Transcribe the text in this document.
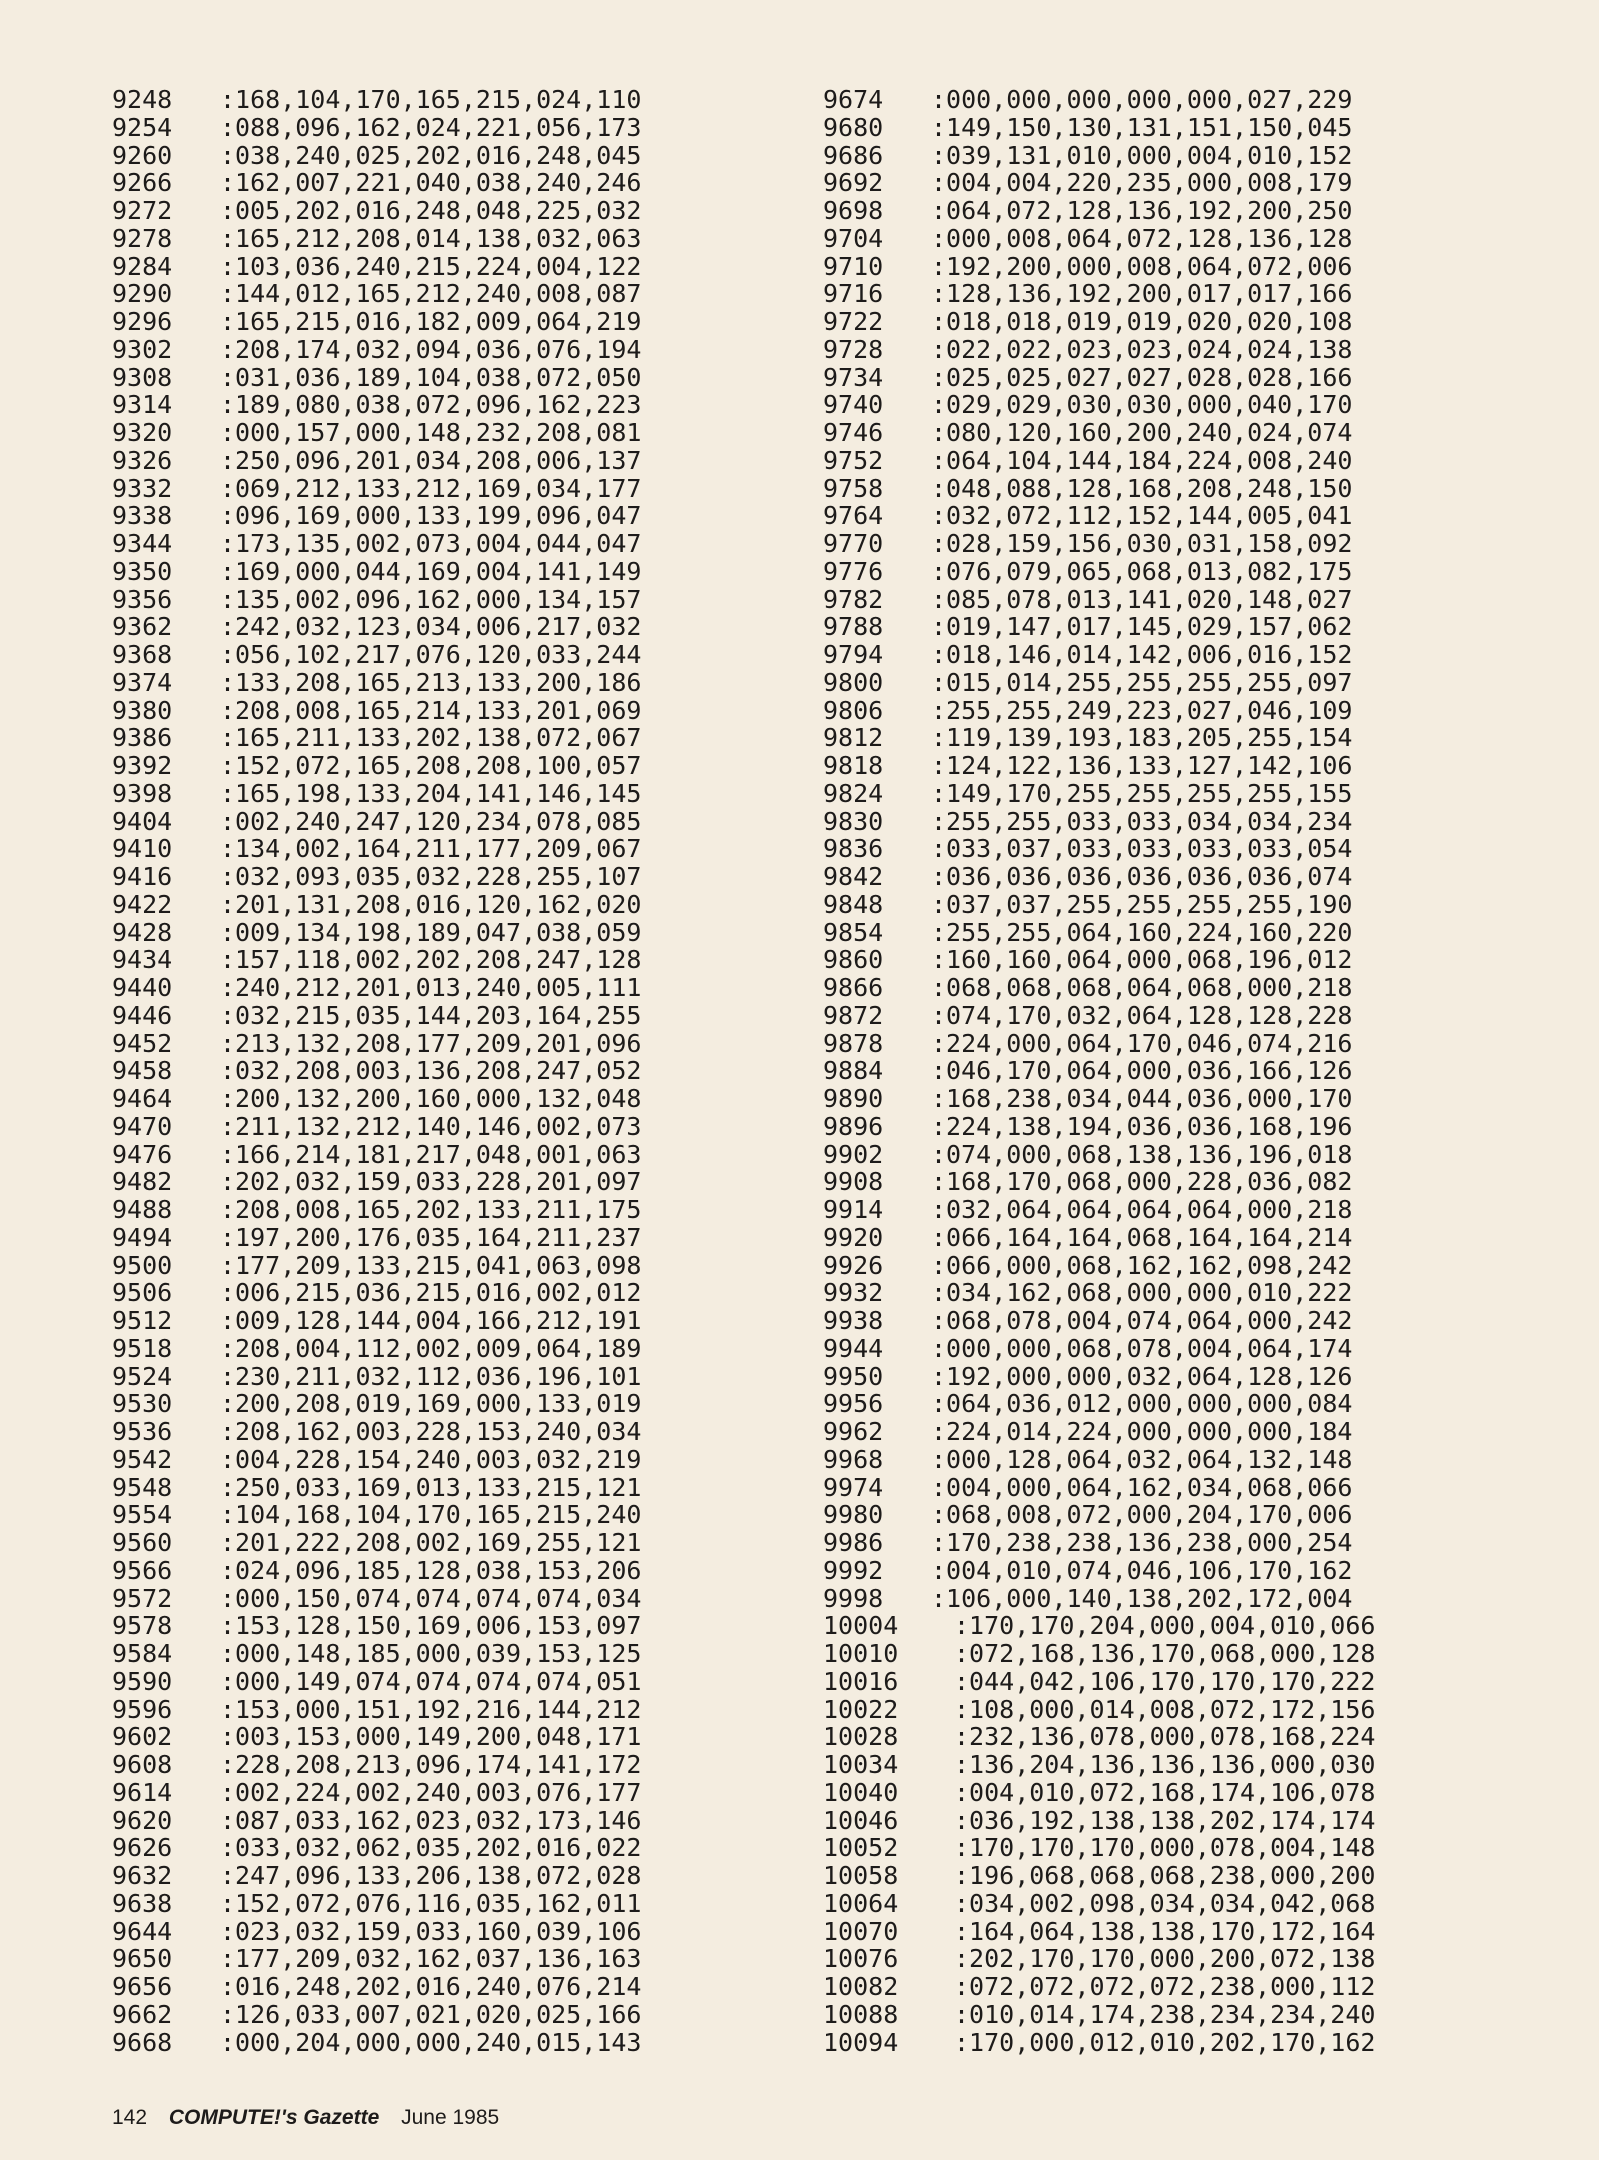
9248 :168,104,170,165,215,024,110
9254 :088,096,162,024,221,056,173
9260 :038,240,025,202,016,248,045
9266 :162,007,221,040,038,240,246
9272 :005,202,016,248,048,225,032
9278 :165,212,208,014,138,032,063
9284 :103,036,240,215,224,004,122
9290 :144,012,165,212,240,008,087
9296 :165,215,016,182,009,064,219
9302 :208,174,032,094,036,076,194
9308 :031,036,189,104,038,072,050
9314 :189,080,038,072,096,162,223
9320 :000,157,000,148,232,208,081
9326 :250,096,201,034,208,006,137
9332 :069,212,133,212,169,034,177
9338 :096,169,000,133,199,096,047
9344 :173,135,002,073,004,044,047
9350 :169,000,044,169,004,141,149
9356 :135,002,096,162,000,134,157
9362 :242,032,123,034,006,217,032
9368 :056,102,217,076,120,033,244
9374 :133,208,165,213,133,200,186
9380 :208,008,165,214,133,201,069
9386 :165,211,133,202,138,072,067
9392 :152,072,165,208,208,100,057
9398 :165,198,133,204,141,146,145
9404 :002,240,247,120,234,078,085
9410 :134,002,164,211,177,209,067
9416 :032,093,035,032,228,255,107
9422 :201,131,208,016,120,162,020
9428 :009,134,198,189,047,038,059
9434 :157,118,002,202,208,247,128
9440 :240,212,201,013,240,005,111
9446 :032,215,035,144,203,164,255
9452 :213,132,208,177,209,201,096
9458 :032,208,003,136,208,247,052
9464 :200,132,200,160,000,132,048
9470 :211,132,212,140,146,002,073
9476 :166,214,181,217,048,001,063
9482 :202,032,159,033,228,201,097
9488 :208,008,165,202,133,211,175
9494 :197,200,176,035,164,211,237
9500 :177,209,133,215,041,063,098
9506 :006,215,036,215,016,002,012
9512 :009,128,144,004,166,212,191
9518 :208,004,112,002,009,064,189
9524 :230,211,032,112,036,196,101
9530 :200,208,019,169,000,133,019
9536 :208,162,003,228,153,240,034
9542 :004,228,154,240,003,032,219
9548 :250,033,169,013,133,215,121
9554 :104,168,104,170,165,215,240
9560 :201,222,208,002,169,255,121
9566 :024,096,185,128,038,153,206
9572 :000,150,074,074,074,074,034
9578 :153,128,150,169,006,153,097
9584 :000,148,185,000,039,153,125
9590 :000,149,074,074,074,074,051
9596 :153,000,151,192,216,144,212
9602 :003,153,000,149,200,048,171
9608 :228,208,213,096,174,141,172
9614 :002,224,002,240,003,076,177
9620 :087,033,162,023,032,173,146
9626 :033,032,062,035,202,016,022
9632 :247,096,133,206,138,072,028
9638 :152,072,076,116,035,162,011
9644 :023,032,159,033,160,039,106
9650 :177,209,032,162,037,136,163
9656 :016,248,202,016,240,076,214
9662 :126,033,007,021,020,025,166
9668 :000,204,000,000,240,015,143
9674 :000,000,000,000,000,027,229
9680 :149,150,130,131,151,150,045
9686 :039,131,010,000,004,010,152
9692 :004,004,220,235,000,008,179
9698 :064,072,128,136,192,200,250
9704 :000,008,064,072,128,136,128
9710 :192,200,000,008,064,072,006
9716 :128,136,192,200,017,017,166
9722 :018,018,019,019,020,020,108
9728 :022,022,023,023,024,024,138
9734 :025,025,027,027,028,028,166
9740 :029,029,030,030,000,040,170
9746 :080,120,160,200,240,024,074
9752 :064,104,144,184,224,008,240
9758 :048,088,128,168,208,248,150
9764 :032,072,112,152,144,005,041
9770 :028,159,156,030,031,158,092
9776 :076,079,065,068,013,082,175
9782 :085,078,013,141,020,148,027
9788 :019,147,017,145,029,157,062
9794 :018,146,014,142,006,016,152
9800 :015,014,255,255,255,255,097
9806 :255,255,249,223,027,046,109
9812 :119,139,193,183,205,255,154
9818 :124,122,136,133,127,142,106
9824 :149,170,255,255,255,255,155
9830 :255,255,033,033,034,034,234
9836 :033,037,033,033,033,033,054
9842 :036,036,036,036,036,036,074
9848 :037,037,255,255,255,255,190
9854 :255,255,064,160,224,160,220
9860 :160,160,064,000,068,196,012
9866 :068,068,068,064,068,000,218
9872 :074,170,032,064,128,128,228
9878 :224,000,064,170,046,074,216
9884 :046,170,064,000,036,166,126
9890 :168,238,034,044,036,000,170
9896 :224,138,194,036,036,168,196
9902 :074,000,068,138,136,196,018
9908 :168,170,068,000,228,036,082
9914 :032,064,064,064,064,000,218
9920 :066,164,164,068,164,164,214
9926 :066,000,068,162,162,098,242
9932 :034,162,068,000,000,010,222
9938 :068,078,004,074,064,000,242
9944 :000,000,068,078,004,064,174
9950 :192,000,000,032,064,128,126
9956 :064,036,012,000,000,000,084
9962 :224,014,224,000,000,000,184
9968 :000,128,064,032,064,132,148
9974 :004,000,064,162,034,068,066
9980 :068,008,072,000,204,170,006
9986 :170,238,238,136,238,000,254
9992 :004,010,074,046,106,170,162
9998 :106,000,140,138,202,172,004
10004 :170,170,204,000,004,010,066
10010 :072,168,136,170,068,000,128
10016 :044,042,106,170,170,170,222
10022 :108,000,014,008,072,172,156
10028 :232,136,078,000,078,168,224
10034 :136,204,136,136,136,000,030
10040 :004,010,072,168,174,106,078
10046 :036,192,138,138,202,174,174
10052 :170,170,170,000,078,004,148
10058 :196,068,068,068,238,000,200
10064 :034,002,098,034,034,042,068
10070 :164,064,138,138,170,172,164
10076 :202,170,170,000,200,072,138
10082 :072,072,072,072,238,000,112
10088 :010,014,174,238,234,234,240
10094 :170,000,012,010,202,170,162
142 COMPUTE!'s Gazette June 1985
